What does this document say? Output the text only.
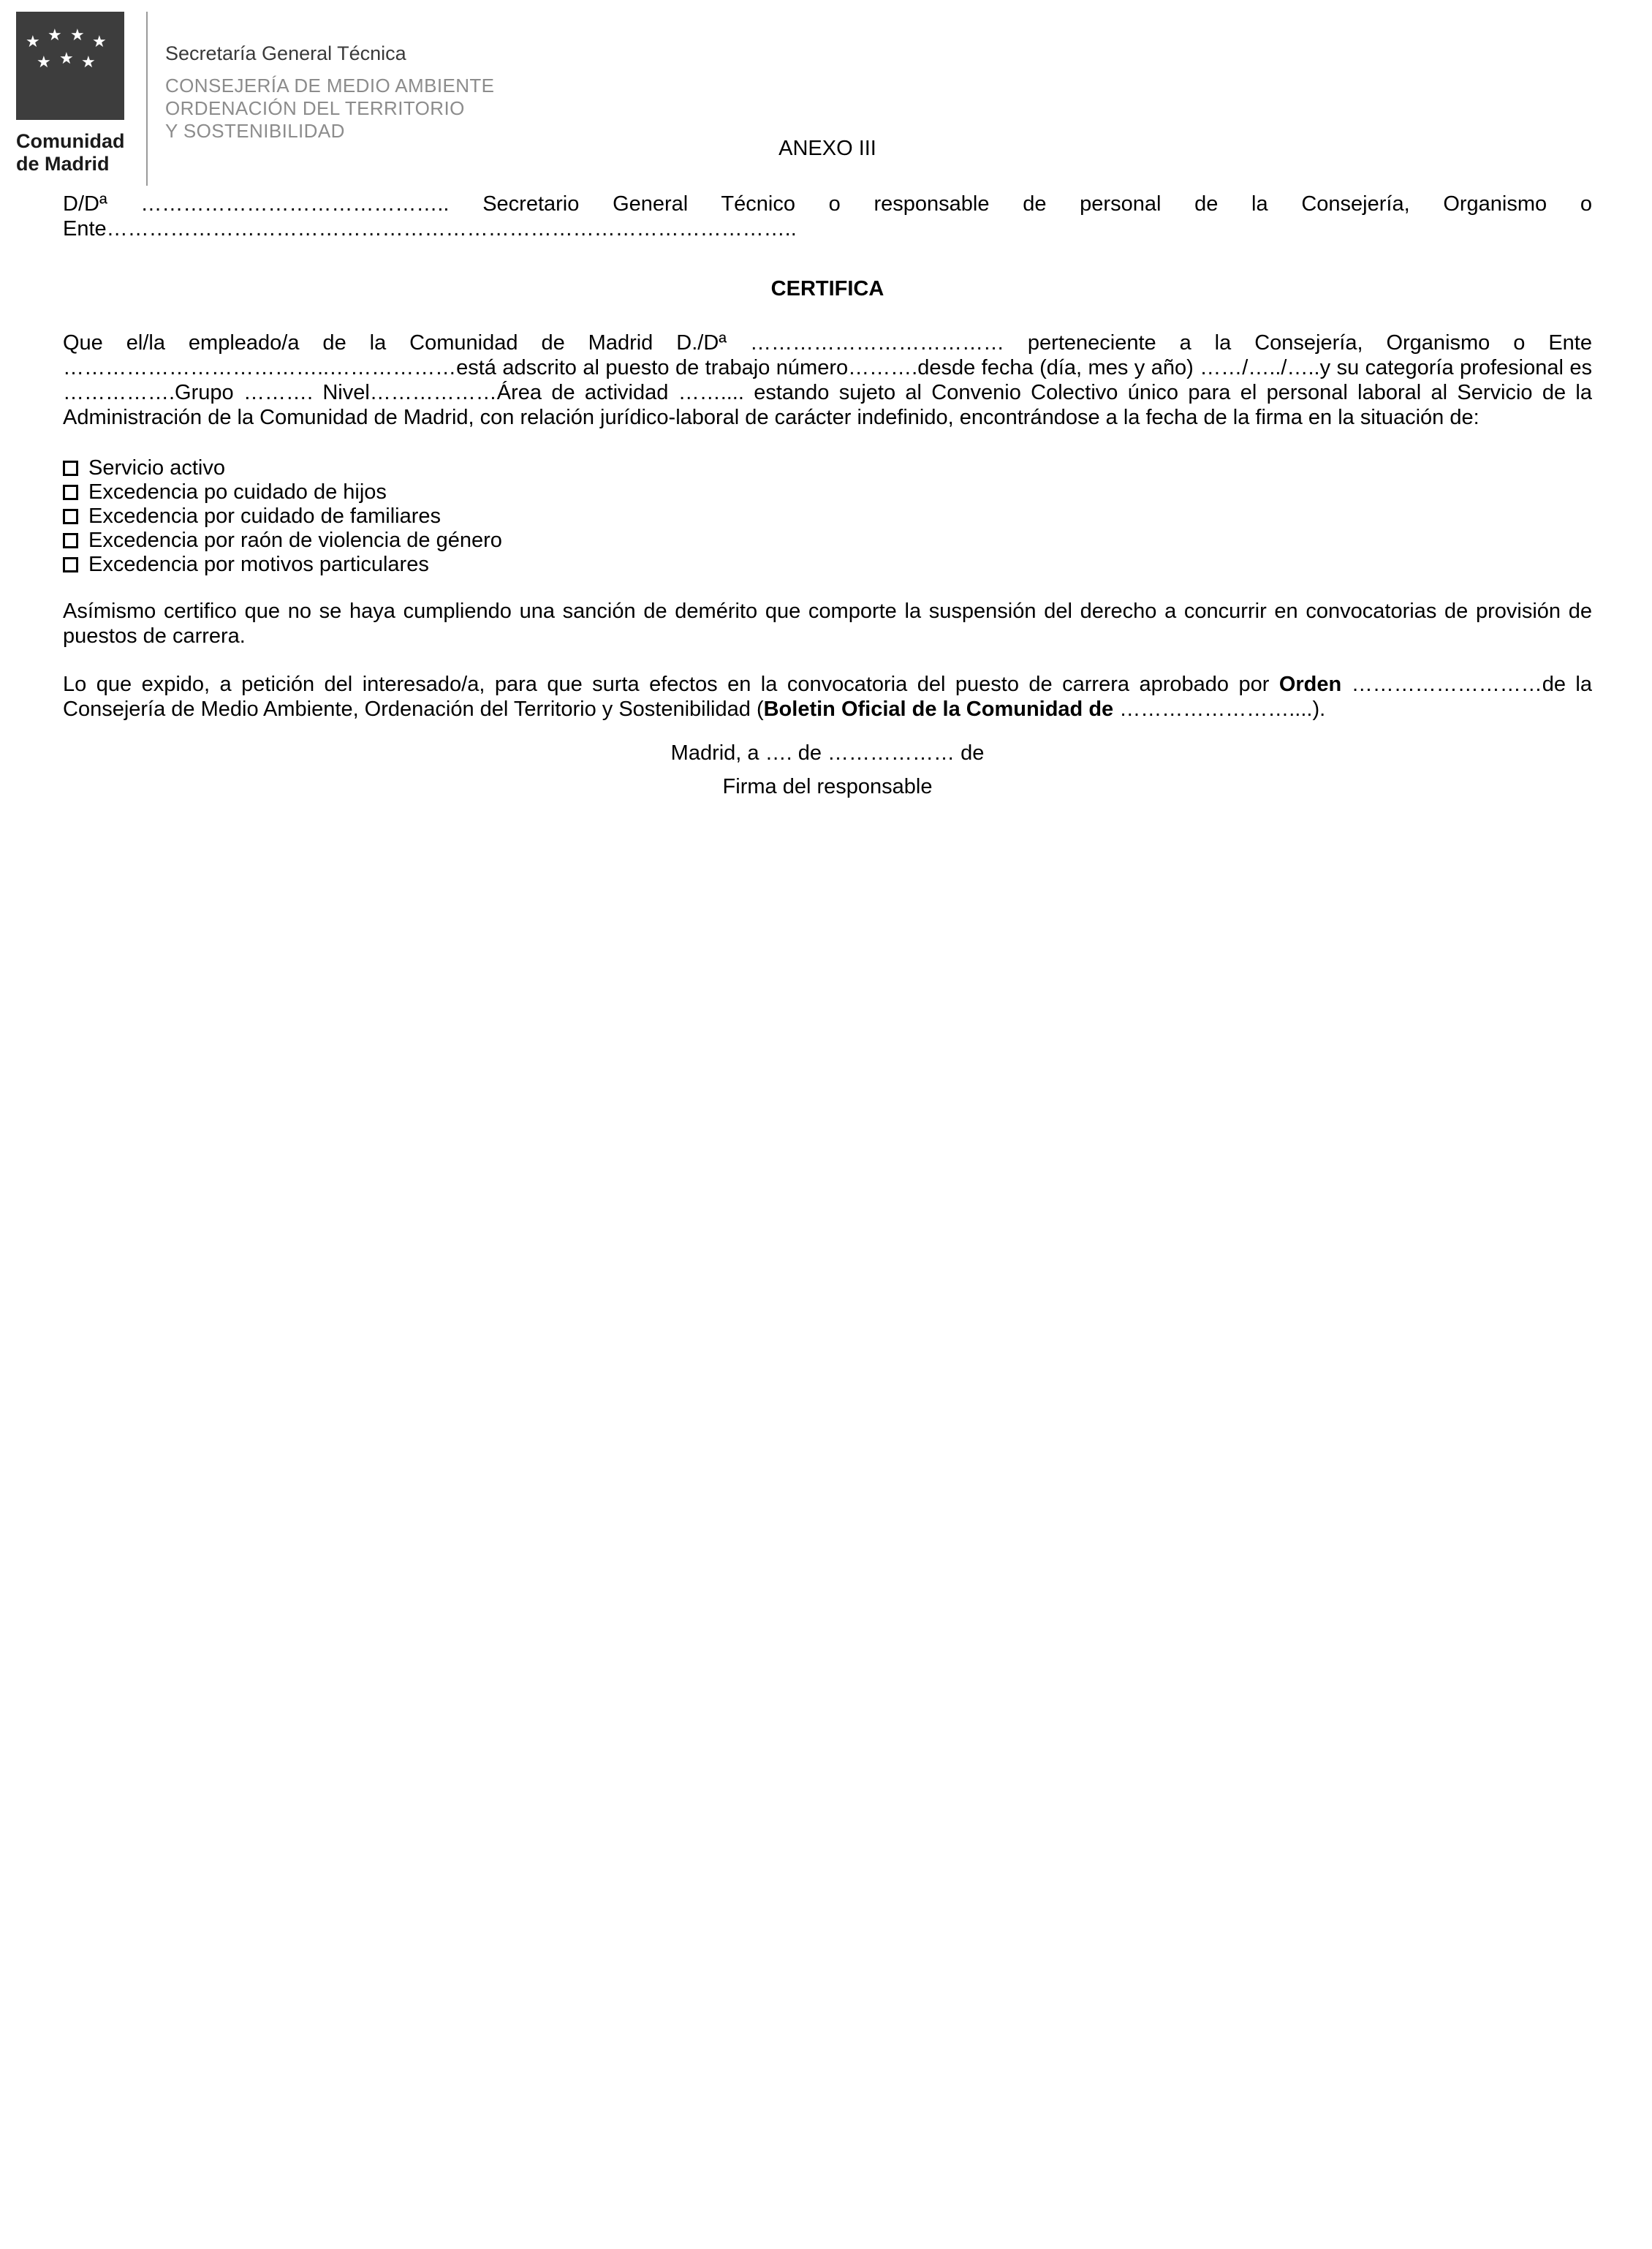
★
★
★
★
★
★
★
Comunidad
de Madrid
Secretaría General Técnica
CONSEJERÍA DE MEDIO AMBIENTE
ORDENACIÓN DEL TERRITORIO
Y SOSTENIBILIDAD
ANEXO III

D/Dª …………………………………….. Secretario General Técnico o responsable de personal de la Consejería, Organismo o Ente……………………………………………………………………………………..

CERTIFICA

Que el/la empleado/a de la Comunidad de Madrid D./Dª ……………………………… perteneciente a la Consejería, Organismo o Ente ………………………………..………………está adscrito al puesto de trabajo número……….desde fecha (día, mes y año) ……/…../…..y su categoría profesional es …………….Grupo ………. Nivel………………Área de actividad …….... estando sujeto al Convenio Colectivo único para el personal laboral al Servicio de la Administración de la Comunidad de Madrid, con relación jurídico-laboral de carácter indefinido, encontrándose a la fecha de la firma en la situación de:

Servicio activo
Excedencia po cuidado de hijos
Excedencia por cuidado de familiares
Excedencia por raón de violencia de género
Excedencia por motivos particulares

Asímismo certifico que no se haya cumpliendo una sanción de demérito que comporte la suspensión del derecho a concurrir en convocatorias de provisión de puestos de carrera.

Lo que expido, a petición del interesado/a, para que surta efectos en la convocatoria del puesto de carrera aprobado por Orden ………………………de la Consejería de Medio Ambiente, Ordenación del Territorio y Sostenibilidad (Boletin Oficial de la Comunidad de ……………………....).

Madrid, a …. de ……………… de

Firma del responsable
